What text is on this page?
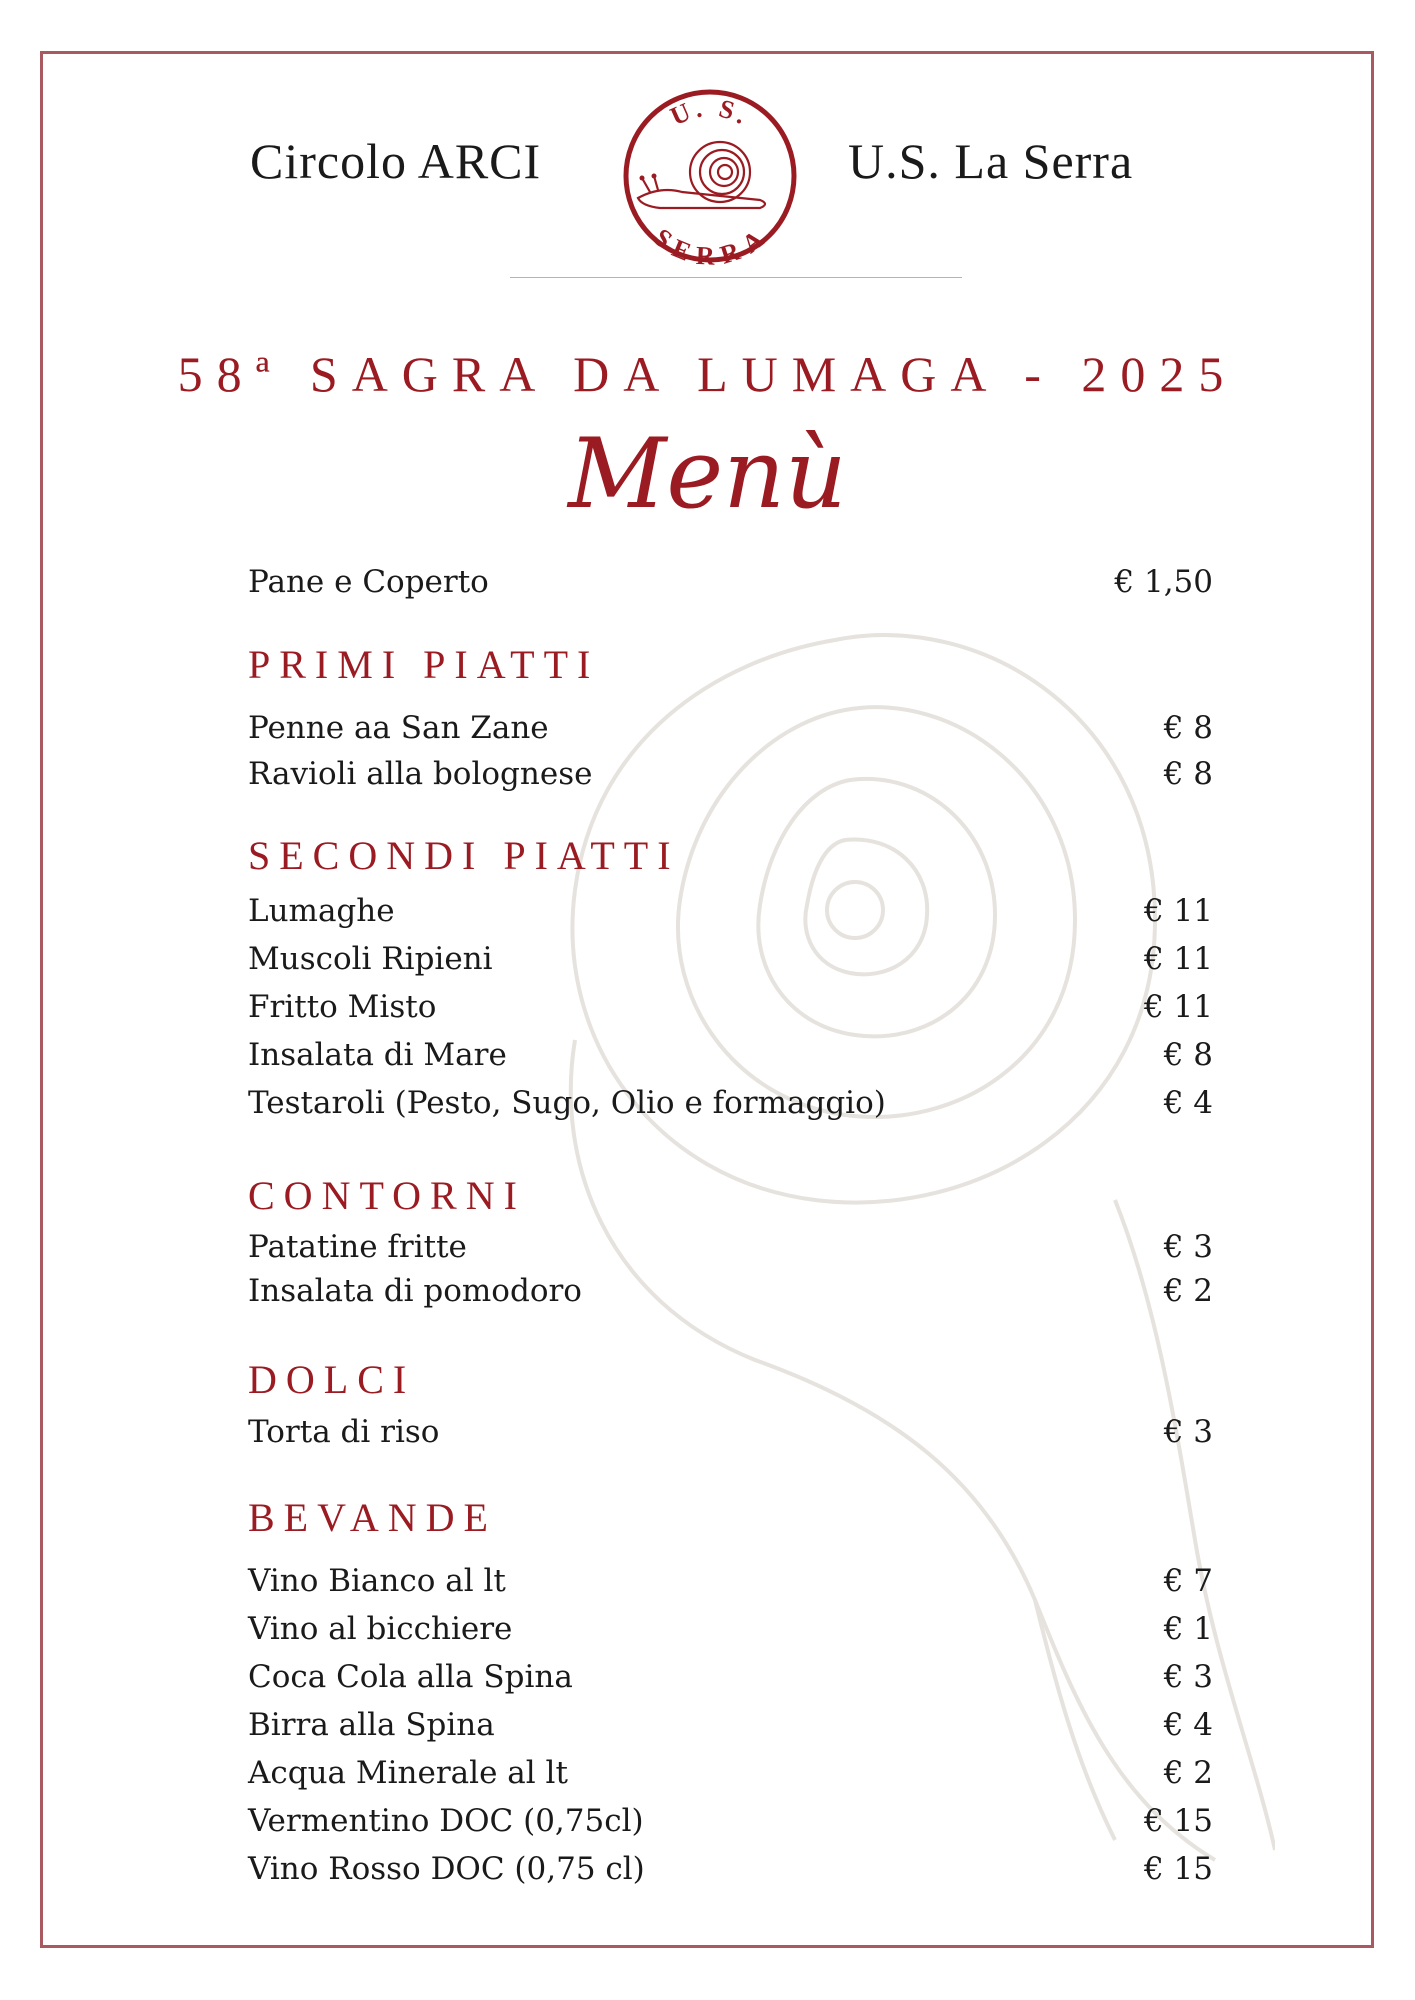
Circolo ARCI
U. S.
SERRA
U.S. La Serra
58ª SAGRA DA LUMAGA - 2025
Menù
Pane e Coperto	€ 1,50
PRIMI PIATTI
Penne aa San Zane	€ 8
Ravioli alla bolognese	€ 8
SECONDI PIATTI
Lumaghe	€ 11
Muscoli Ripieni	€ 11
Fritto Misto	€ 11
Insalata di Mare	€ 8
Testaroli (Pesto, Sugo, Olio e formaggio)	€ 4
CONTORNI
Patatine fritte	€ 3
Insalata di pomodoro	€ 2
DOLCI
Torta di riso	€ 3
BEVANDE
Vino Bianco al lt	€ 7
Vino al bicchiere	€ 1
Coca Cola alla Spina	€ 3
Birra alla Spina	€ 4
Acqua Minerale al lt	€ 2
Vermentino DOC (0,75cl)	€ 15
Vino Rosso DOC (0,75 cl)	€ 15
